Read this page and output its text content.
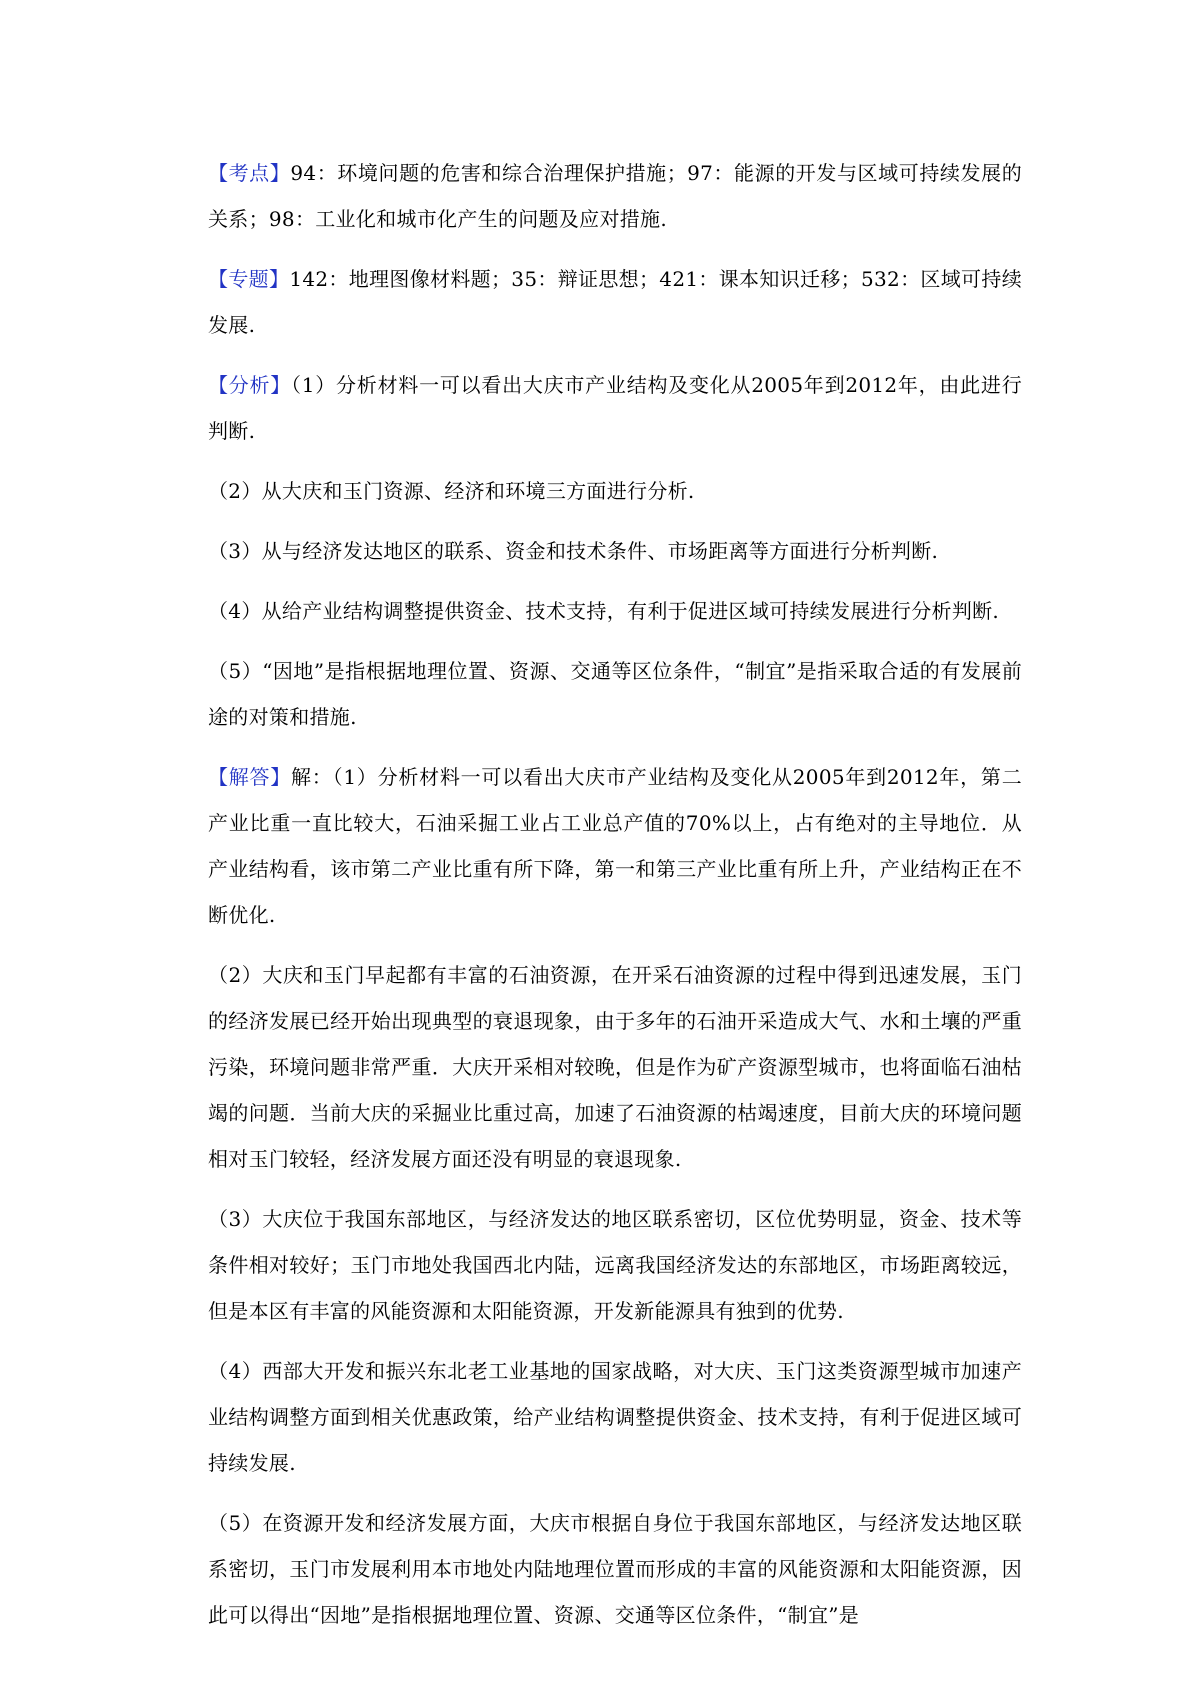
【考点】94：环境问题的危害和综合治理保护措施；97：能源的开发与区域可持续发展的关系；98：工业化和城市化产生的问题及应对措施.

【专题】142：地理图像材料题；35：辩证思想；421：课本知识迁移；532：区域可持续发展.

【分析】（1）分析材料一可以看出大庆市产业结构及变化从2005年到2012年，由此进行判断.

（2）从大庆和玉门资源、经济和环境三方面进行分析.

（3）从与经济发达地区的联系、资金和技术条件、市场距离等方面进行分析判断.

（4）从给产业结构调整提供资金、技术支持，有利于促进区域可持续发展进行分析判断.

（5）“因地”是指根据地理位置、资源、交通等区位条件，“制宜”是指采取合适的有发展前途的对策和措施.

【解答】解：（1）分析材料一可以看出大庆市产业结构及变化从2005年到2012年，第二产业比重一直比较大，石油采掘工业占工业总产值的70%以上，占有绝对的主导地位．从产业结构看，该市第二产业比重有所下降，第一和第三产业比重有所上升，产业结构正在不断优化.

（2）大庆和玉门早起都有丰富的石油资源，在开采石油资源的过程中得到迅速发展，玉门的经济发展已经开始出现典型的衰退现象，由于多年的石油开采造成大气、水和土壤的严重污染，环境问题非常严重．大庆开采相对较晚，但是作为矿产资源型城市，也将面临石油枯竭的问题．当前大庆的采掘业比重过高，加速了石油资源的枯竭速度，目前大庆的环境问题相对玉门较轻，经济发展方面还没有明显的衰退现象.

（3）大庆位于我国东部地区，与经济发达的地区联系密切，区位优势明显，资金、技术等条件相对较好；玉门市地处我国西北内陆，远离我国经济发达的东部地区，市场距离较远，但是本区有丰富的风能资源和太阳能资源，开发新能源具有独到的优势.

（4）西部大开发和振兴东北老工业基地的国家战略，对大庆、玉门这类资源型城市加速产业结构调整方面到相关优惠政策，给产业结构调整提供资金、技术支持，有利于促进区域可持续发展.

（5）在资源开发和经济发展方面，大庆市根据自身位于我国东部地区，与经济发达地区联系密切，玉门市发展利用本市地处内陆地理位置而形成的丰富的风能资源和太阳能资源，因此可以得出“因地”是指根据地理位置、资源、交通等区位条件，“制宜”是
